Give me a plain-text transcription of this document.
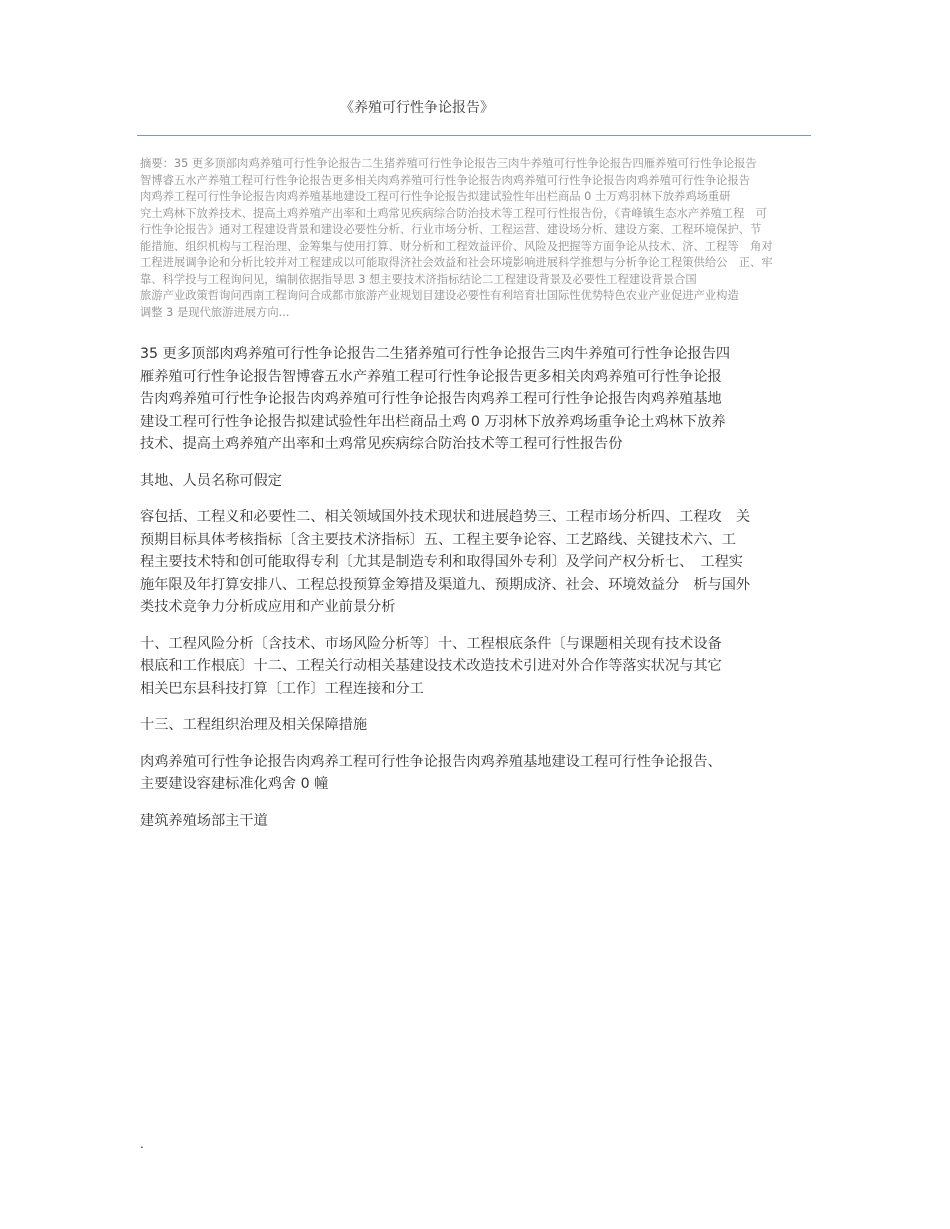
《养殖可行性争论报告》
摘要：35 更多顶部肉鸡养殖可行性争论报告二生猪养殖可行性争论报告三肉牛养殖可行性争论报告四雁养殖可行性争论报告
智博睿五水产养殖工程可行性争论报告更多相关肉鸡养殖可行性争论报告肉鸡养殖可行性争论报告肉鸡养殖可行性争论报告
肉鸡养工程可行性争论报告肉鸡养殖基地建设工程可行性争论报告拟建试验性年出栏商品 0 土万鸡羽林下放养鸡场重研
究土鸡林下放养技术、提高土鸡养殖产出率和土鸡常见疾病综合防治技术等工程可行性报告份，《青峰镇生态水产养殖工程　可
行性争论报告》通对工程建设背景和建设必要性分析、行业市场分析、工程运营、建设场分析、建设方案、工程环境保护、节
能措施、组织机构与工程治理、金筹集与使用打算、财分析和工程效益评价、风险及把握等方面争论从技术、济、工程等　角对
工程进展调争论和分析比较并对工程建成以可能取得济社会效益和社会环境影响进展科学推想与分析争论工程策供给公　正、牢
靠、科学投与工程询问见，编制依据指导思 3 想主要技术济指标结论二工程建设背景及必要性工程建设背景合国
旅游产业政策哲询问西南工程询问合成都市旅游产业规划目建设必要性有利培育壮国际性优势特色农业产业促进产业构造
调整 3 是现代旅游进展方向...
35 更多顶部肉鸡养殖可行性争论报告二生猪养殖可行性争论报告三肉牛养殖可行性争论报告四
雁养殖可行性争论报告智博睿五水产养殖工程可行性争论报告更多相关肉鸡养殖可行性争论报
告肉鸡养殖可行性争论报告肉鸡养殖可行性争论报告肉鸡养工程可行性争论报告肉鸡养殖基地
建设工程可行性争论报告拟建试验性年出栏商品土鸡 0 万羽林下放养鸡场重争论土鸡林下放养
技术、提高土鸡养殖产出率和土鸡常见疾病综合防治技术等工程可行性报告份
其地、人员名称可假定
容包括、工程义和必要性二、相关领域国外技术现状和进展趋势三、工程市场分析四、工程攻　关
预期目标具体考核指标〔含主要技术济指标〕五、工程主要争论容、工艺路线、关键技术六、工
程主要技术特和创可能取得专利〔尤其是制造专利和取得国外专利〕及学问产权分析七、　工程实
施年限及年打算安排八、工程总投预算金筹措及渠道九、预期成济、社会、环境效益分　析与国外
类技术竞争力分析成应用和产业前景分析
十、工程风险分析〔含技术、市场风险分析等〕十、工程根底条件〔与课题相关现有技术设备
根底和工作根底〕十二、工程关行动相关基建设技术改造技术引进对外合作等落实状况与其它
相关巴东县科技打算〔工作〕工程连接和分工
十三、工程组织治理及相关保障措施
肉鸡养殖可行性争论报告肉鸡养工程可行性争论报告肉鸡养殖基地建设工程可行性争论报告、
主要建设容建标准化鸡舍 0 幢
建筑养殖场部主干道
.
